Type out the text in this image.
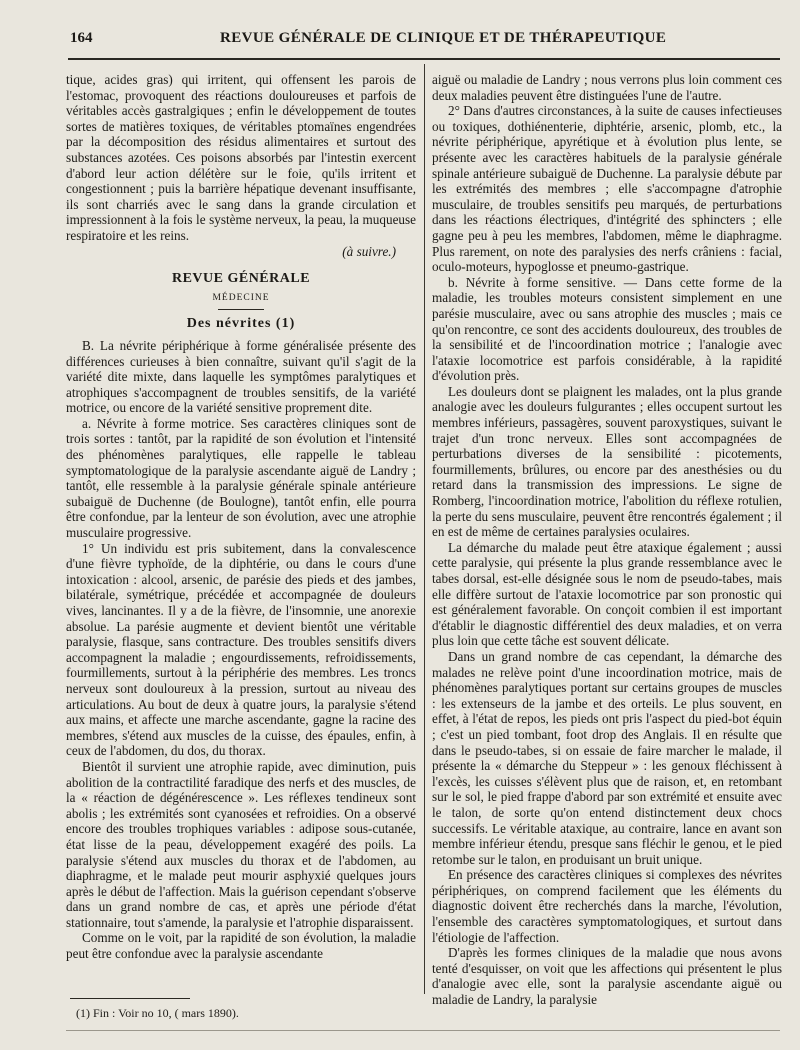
164	REVUE GÉNÉRALE DE CLINIQUE ET DE THÉRAPEUTIQUE

tique, acides gras) qui irritent, qui offensent les parois de l'estomac, provoquent des réactions douloureuses et parfois de véritables accès gastralgiques ; enfin le développement de toutes sortes de matières toxiques, de véritables ptomaïnes engendrées par la décomposition des résidus alimentaires et surtout des substances azotées. Ces poisons absorbés par l'intestin exercent d'abord leur action délétère sur le foie, qu'ils irritent et congestionnent ; puis la barrière hépatique devenant insuffisante, ils sont charriés avec le sang dans la grande circulation et impressionnent à la fois le système nerveux, la peau, la muqueuse respiratoire et les reins.

(à suivre.)

REVUE GÉNÉRALE
MÉDECINE
Des névrites (1)

B. La névrite périphérique à forme généralisée présente des différences curieuses à bien connaître, suivant qu'il s'agit de la variété dite mixte, dans laquelle les symptômes paralytiques et atrophiques s'accompagnent de troubles sensitifs, de la variété motrice, ou encore de la variété sensitive proprement dite.

a. Névrite à forme motrice. Ses caractères cliniques sont de trois sortes : tantôt, par la rapidité de son évolution et l'intensité des phénomènes paralytiques, elle rappelle le tableau symptomatologique de la paralysie ascendante aiguë de Landry ; tantôt, elle ressemble à la paralysie générale spinale antérieure subaiguë de Duchenne (de Boulogne), tantôt enfin, elle pourra être confondue, par la lenteur de son évolution, avec une atrophie musculaire progressive.

1° Un individu est pris subitement, dans la convalescence d'une fièvre typhoïde, de la diphtérie, ou dans le cours d'une intoxication : alcool, arsenic, de parésie des pieds et des jambes, bilatérale, symétrique, précédée et accompagnée de douleurs vives, lancinantes. Il y a de la fièvre, de l'insomnie, une anorexie absolue. La parésie augmente et devient bientôt une véritable paralysie, flasque, sans contracture. Des troubles sensitifs divers accompagnent la maladie ; engourdissements, refroidissements, fourmillements, surtout à la périphérie des membres. Les troncs nerveux sont douloureux à la pression, surtout au niveau des articulations. Au bout de deux à quatre jours, la paralysie s'étend aux mains, et affecte une marche ascendante, gagne la racine des membres, s'étend aux muscles de la cuisse, des épaules, enfin, à ceux de l'abdomen, du dos, du thorax.

Bientôt il survient une atrophie rapide, avec diminution, puis abolition de la contractilité faradique des nerfs et des muscles, de la « réaction de dégénérescence ». Les réflexes tendineux sont abolis ; les extrémités sont cyanosées et refroidies. On a observé encore des troubles trophiques variables : adipose sous-cutanée, état lisse de la peau, développement exagéré des poils. La paralysie s'étend aux muscles du thorax et de l'abdomen, au diaphragme, et le malade peut mourir asphyxié quelques jours après le début de l'affection. Mais la guérison cependant s'observe dans un grand nombre de cas, et après une période d'état stationnaire, tout s'amende, la paralysie et l'atrophie disparaissent.

Comme on le voit, par la rapidité de son évolution, la maladie peut être confondue avec la paralysie ascendante

aiguë ou maladie de Landry ; nous verrons plus loin comment ces deux maladies peuvent être distinguées l'une de l'autre.

2° Dans d'autres circonstances, à la suite de causes infectieuses ou toxiques, dothiénenterie, diphtérie, arsenic, plomb, etc., la névrite périphérique, apyrétique et à évolution plus lente, se présente avec les caractères habituels de la paralysie générale spinale antérieure subaiguë de Duchenne. La paralysie débute par les extrémités des membres ; elle s'accompagne d'atrophie musculaire, de troubles sensitifs peu marqués, de perturbations dans les réactions électriques, d'intégrité des sphincters ; elle gagne peu à peu les membres, l'abdomen, même le diaphragme. Plus rarement, on note des paralysies des nerfs crâniens : facial, oculo-moteurs, hypoglosse et pneumo-gastrique.

b. Névrite à forme sensitive. — Dans cette forme de la maladie, les troubles moteurs consistent simplement en une parésie musculaire, avec ou sans atrophie des muscles ; mais ce qu'on rencontre, ce sont des accidents douloureux, des troubles de la sensibilité et de l'incoordination motrice ; l'analogie avec l'ataxie locomotrice est parfois considérable, à la rapidité d'évolution près.

Les douleurs dont se plaignent les malades, ont la plus grande analogie avec les douleurs fulgurantes ; elles occupent surtout les membres inférieurs, passagères, souvent paroxystiques, suivant le trajet d'un tronc nerveux. Elles sont accompagnées de perturbations diverses de la sensibilité : picotements, fourmillements, brûlures, ou encore par des anesthésies ou du retard dans la transmission des impressions. Le signe de Romberg, l'incoordination motrice, l'abolition du réflexe rotulien, la perte du sens musculaire, peuvent être rencontrés également ; il en est de même de certaines paralysies oculaires.

La démarche du malade peut être ataxique également ; aussi cette paralysie, qui présente la plus grande ressemblance avec le tabes dorsal, est-elle désignée sous le nom de pseudo-tabes, mais elle diffère surtout de l'ataxie locomotrice par son pronostic qui est généralement favorable. On conçoit combien il est important d'établir le diagnostic différentiel des deux maladies, et on verra plus loin que cette tâche est souvent délicate.

Dans un grand nombre de cas cependant, la démarche des malades ne relève point d'une incoordination motrice, mais de phénomènes paralytiques portant sur certains groupes de muscles : les extenseurs de la jambe et des orteils. Le plus souvent, en effet, à l'état de repos, les pieds ont pris l'aspect du pied-bot équin ; c'est un pied tombant, foot drop des Anglais. Il en résulte que dans le pseudo-tabes, si on essaie de faire marcher le malade, il présente la « démarche du Steppeur » : les genoux fléchissent à l'excès, les cuisses s'élèvent plus que de raison, et, en retombant sur le sol, le pied frappe d'abord par son extrémité et ensuite avec le talon, de sorte qu'on entend distinctement deux chocs successifs. Le véritable ataxique, au contraire, lance en avant son membre inférieur étendu, presque sans fléchir le genou, et le pied retombe sur le talon, en produisant un bruit unique.

En présence des caractères cliniques si complexes des névrites périphériques, on comprend facilement que les éléments du diagnostic doivent être recherchés dans la marche, l'évolution, l'ensemble des caractères symptomatologiques, et surtout dans l'étiologie de l'affection.

D'après les formes cliniques de la maladie que nous avons tenté d'esquisser, on voit que les affections qui présentent le plus d'analogie avec elle, sont la paralysie ascendante aiguë ou maladie de Landry, la paralysie

(1) Fin : Voir no 10, ( mars 1890).
